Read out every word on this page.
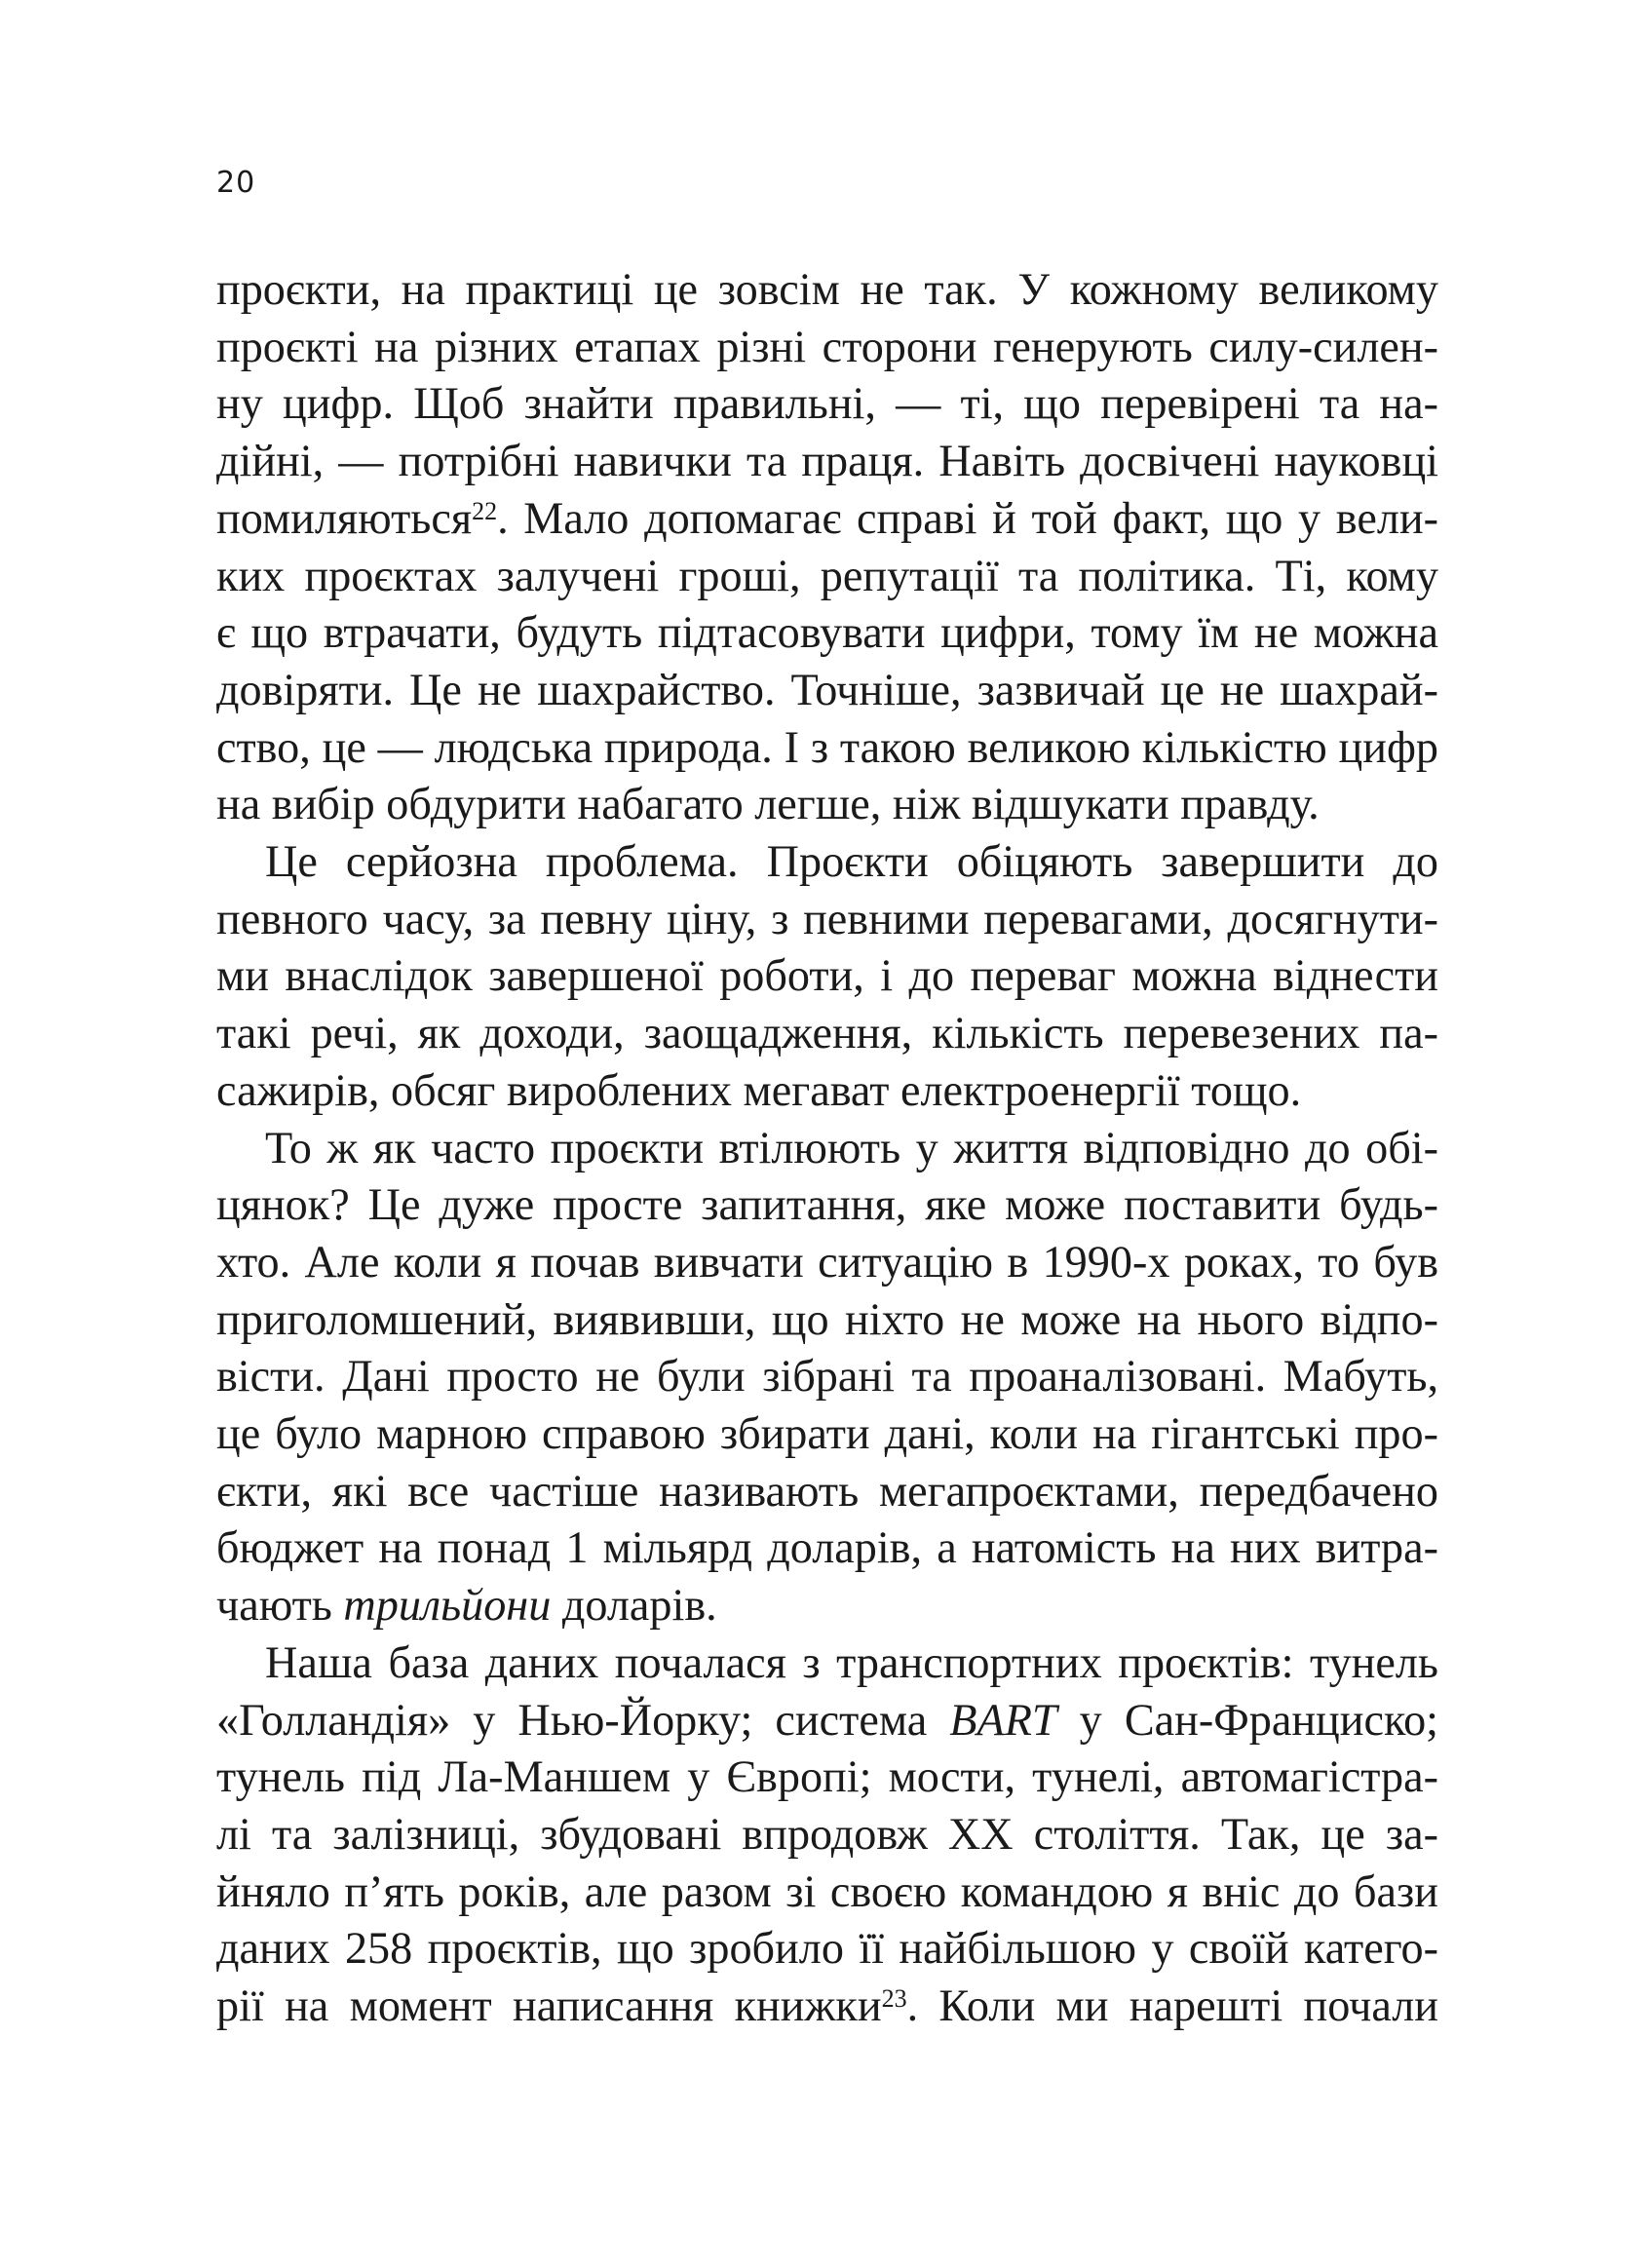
20

проєкти, на практиці це зовсім не так. У кожному великому
проєкті на різних етапах різні сторони генерують силу-силен-
ну цифр. Щоб знайти правильні, — ті, що перевірені та на-
дійні, — потрібні навички та праця. Навіть досвічені науковці
помиляються$^{22}$. Мало допомагає справі й той факт, що у вели-
ких проєктах залучені гроші, репутації та політика. Ті, кому
є що втрачати, будуть підтасовувати цифри, тому їм не можна
довіряти. Це не шахрайство. Точніше, зазвичай це не шахрай-
ство, це — людська природа. І з такою великою кількістю цифр
на вибір обдурити набагато легше, ніж відшукати правду.

Це серйозна проблема. Проєкти обіцяють завершити до
певного часу, за певну ціну, з певними перевагами, досягнути-
ми внаслідок завершеної роботи, і до переваг можна віднести
такі речі, як доходи, заощадження, кількість перевезених па-
сажирів, обсяг вироблених мегават електроенергії тощо.

То ж як часто проєкти втілюють у життя відповідно до обі-
цянок? Це дуже просте запитання, яке може поставити будь-
хто. Але коли я почав вивчати ситуацію в 1990-х роках, то був
приголомшений, виявивши, що ніхто не може на нього відпо-
вісти. Дані просто не були зібрані та проаналізовані. Мабуть,
це було марною справою збирати дані, коли на гігантські про-
єкти, які все частіше називають мегапроєктами, передбачено
бюджет на понад 1 мільярд доларів, а натомість на них витра-
чають трильйони доларів.

Наша база даних почалася з транспортних проєктів: тунель
«Голландія» у Нью-Йорку; система BART у Сан-Франциско;
тунель під Ла-Маншем у Європі; мости, тунелі, автомагістра-
лі та залізниці, збудовані впродовж XX століття. Так, це за-
йняло п’ять років, але разом зі своєю командою я вніс до бази
даних 258 проєктів, що зробило її найбільшою у своїй катего-
рії на момент написання книжки$^{23}$. Коли ми нарешті почали
